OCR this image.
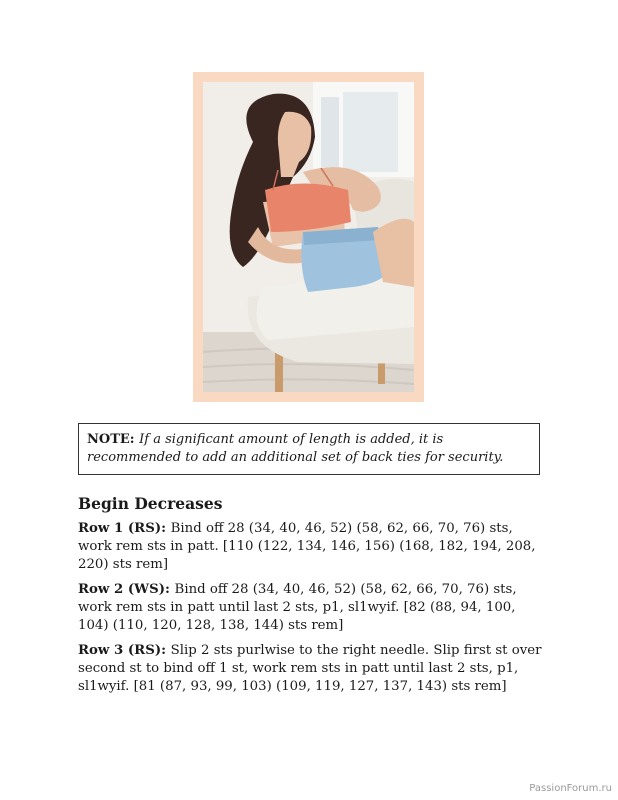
NOTE: If a significant amount of length is added, it is recommended to add an additional set of back ties for security.
Begin Decreases

Row 1 (RS): Bind off 28 (34, 40, 46, 52) (58, 62, 66, 70, 76) sts, work rem sts in patt. [110 (122, 134, 146, 156) (168, 182, 194, 208, 220) sts rem]

Row 2 (WS): Bind off 28 (34, 40, 46, 52) (58, 62, 66, 70, 76) sts, work rem sts in patt until last 2 sts, p1, sl1wyif. [82 (88, 94, 100, 104) (110, 120, 128, 138, 144) sts rem]

Row 3 (RS): Slip 2 sts purlwise to the right needle. Slip first st over second st to bind off 1 st, work rem sts in patt until last 2 sts, p1, sl1wyif. [81 (87, 93, 99, 103) (109, 119, 127, 137, 143) sts rem]

PassionForum.ru
